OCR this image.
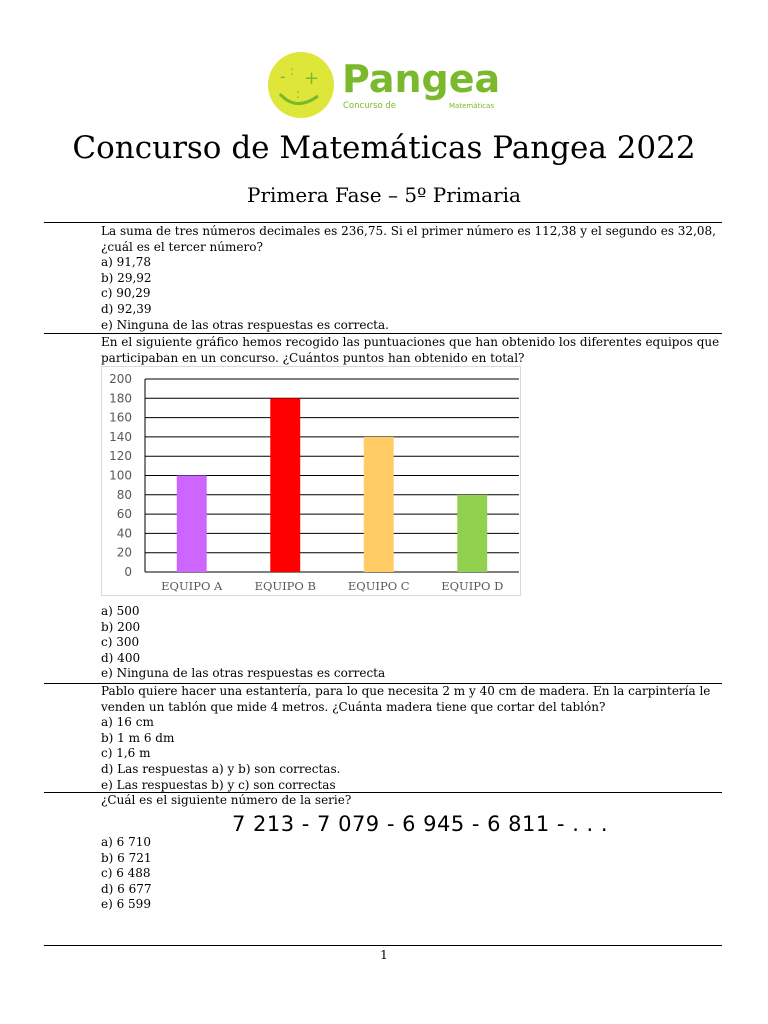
- : +
: Pangea
Concurso de	Matemáticas
Concurso de Matemáticas Pangea 2022
Primera Fase – 5º Primaria
La suma de tres números decimales es 236,75. Si el primer número es 112,38 y el segundo es 32,08, ¿cuál es el tercer número?
a) 91,78
b) 29,92
c) 90,29
d) 92,39
e) Ninguna de las otras respuestas es correcta.
En el siguiente gráfico hemos recogido las puntuaciones que han obtenido los diferentes equipos que participaban en un concurso. ¿Cuántos puntos han obtenido en total?
0
20
40
60
80
100
120
140
160
180
200
EQUIPO A	EQUIPO B	EQUIPO C	EQUIPO D
a) 500
b) 200
c) 300
d) 400
e) Ninguna de las otras respuestas es correcta
Pablo quiere hacer una estantería, para lo que necesita 2 m y 40 cm de madera. En la carpintería le venden un tablón que mide 4 metros. ¿Cuánta madera tiene que cortar del tablón?
a) 16 cm
b) 1 m 6 dm
c) 1,6 m
d) Las respuestas a) y b) son correctas.
e) Las respuestas b) y c) son correctas
¿Cuál es el siguiente número de la serie?
7 213 - 7 079 - 6 945 - 6 811 - . . .
a) 6 710
b) 6 721
c) 6 488
d) 6 677
e) 6 599
1
